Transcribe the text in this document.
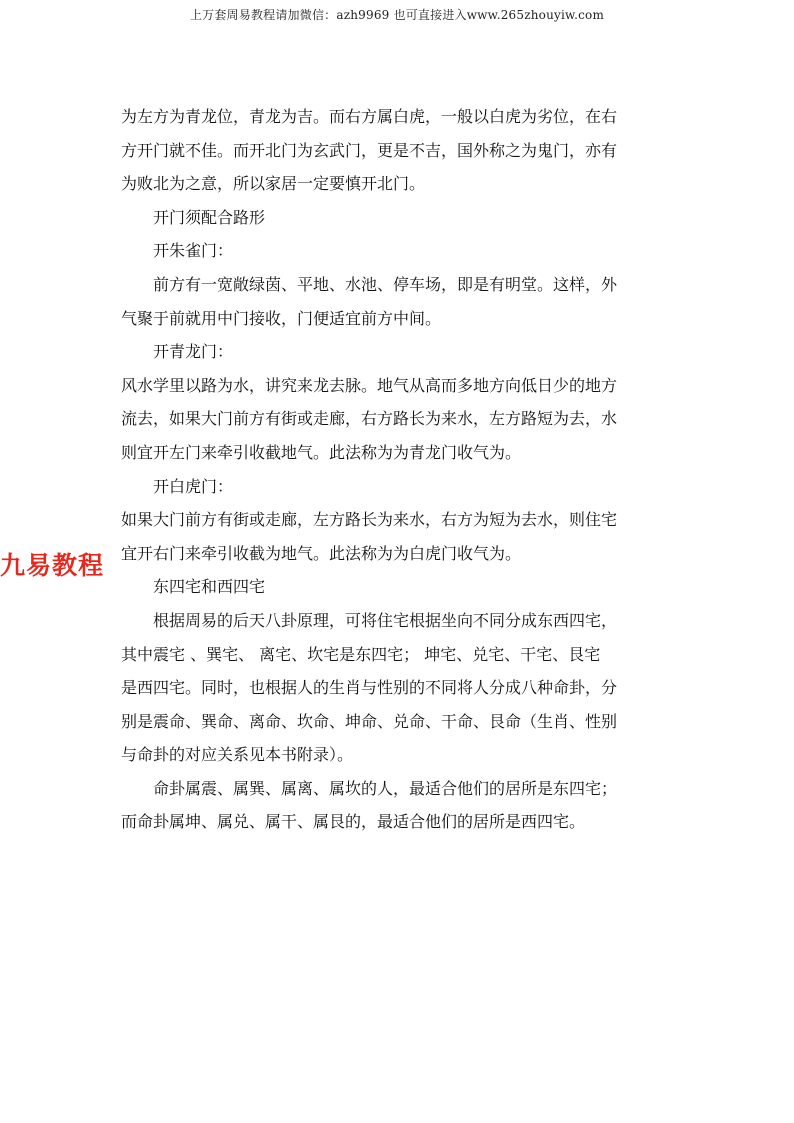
上万套周易教程请加微信：azh9969 也可直接进入www.265zhouyiw.com
九易教程
为左方为青龙位，青龙为吉。而右方属白虎，一般以白虎为劣位，在右
方开门就不佳。而开北门为玄武门，更是不吉，国外称之为鬼门，亦有
为败北为之意，所以家居一定要慎开北门。
开门须配合路形
开朱雀门：
前方有一宽敞绿茵、平地、水池、停车场，即是有明堂。这样，外
气聚于前就用中门接收，门便适宜前方中间。
开青龙门：
风水学里以路为水，讲究来龙去脉。地气从高而多地方向低日少的地方
流去，如果大门前方有街或走廊，右方路长为来水，左方路短为去，水
则宜开左门来牵引收截地气。此法称为为青龙门收气为。
开白虎门：
如果大门前方有街或走廊，左方路长为来水，右方为短为去水，则住宅
宜开右门来牵引收截为地气。此法称为为白虎门收气为。
东四宅和西四宅
根据周易的后天八卦原理，可将住宅根据坐向不同分成东西四宅，
其中震宅 、巽宅、 离宅、坎宅是东四宅； 坤宅、兑宅、干宅、艮宅
是西四宅。同时，也根据人的生肖与性别的不同将人分成八种命卦，分
别是震命、巽命、离命、坎命、坤命、兑命、干命、艮命（生肖、性别
与命卦的对应关系见本书附录）。
命卦属震、属巽、属离、属坎的人，最适合他们的居所是东四宅；
而命卦属坤、属兑、属干、属艮的，最适合他们的居所是西四宅。
